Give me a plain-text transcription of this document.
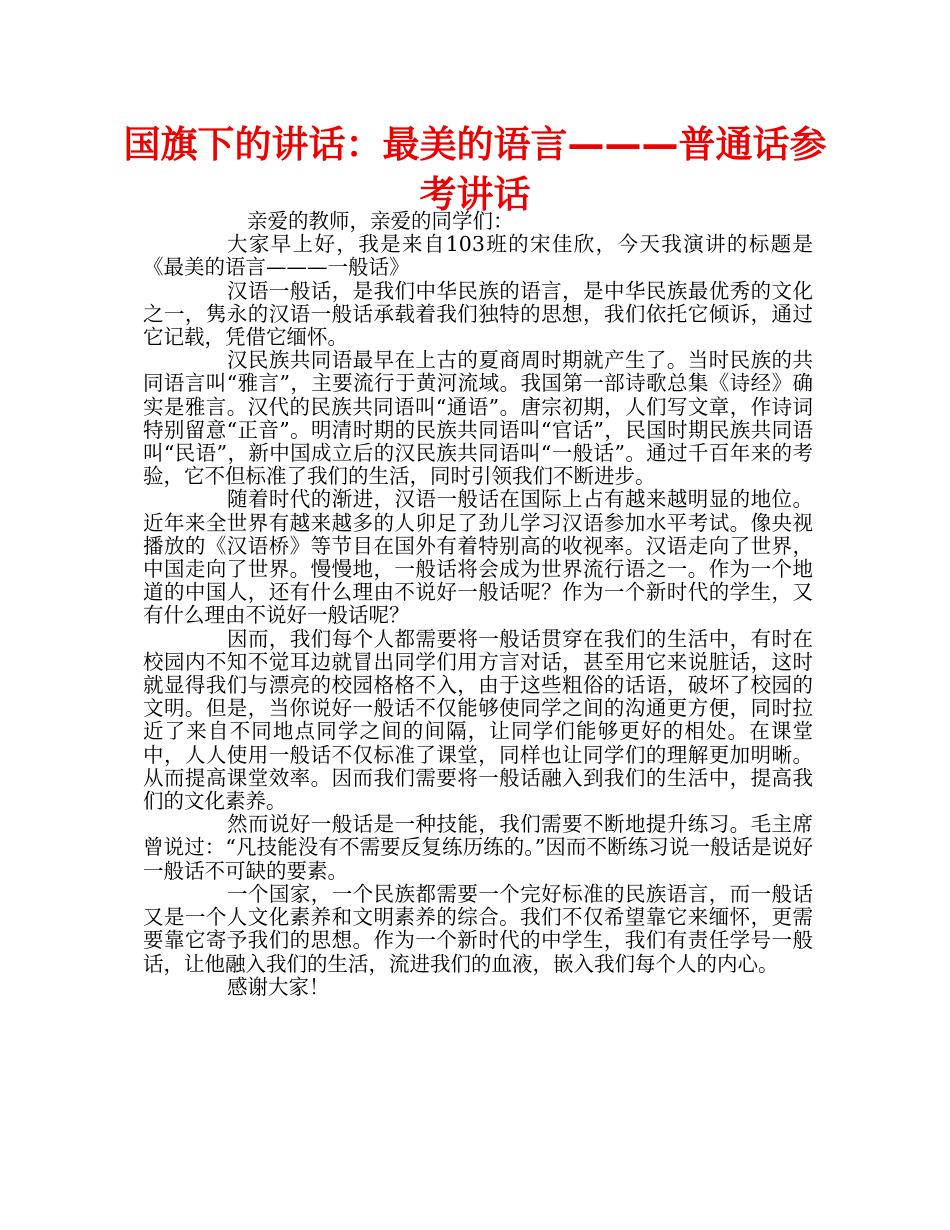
国旗下的讲话：最美的语言———普通话参考讲话

亲爱的教师，亲爱的同学们：

大家早上好，我是来自103班的宋佳欣，今天我演讲的标题是《最美的语言———一般话》

汉语一般话，是我们中华民族的语言，是中华民族最优秀的文化之一，隽永的汉语一般话承载着我们独特的思想，我们依托它倾诉，通过它记载，凭借它缅怀。

汉民族共同语最早在上古的夏商周时期就产生了。当时民族的共同语言叫“雅言”，主要流行于黄河流域。我国第一部诗歌总集《诗经》确实是雅言。汉代的民族共同语叫“通语”。唐宗初期，人们写文章，作诗词特别留意“正音”。明清时期的民族共同语叫“官话”，民国时期民族共同语叫“民语”，新中国成立后的汉民族共同语叫“一般话”。通过千百年来的考验，它不但标准了我们的生活，同时引领我们不断进步。

随着时代的渐进，汉语一般话在国际上占有越来越明显的地位。近年来全世界有越来越多的人卯足了劲儿学习汉语参加水平考试。像央视播放的《汉语桥》等节目在国外有着特别高的收视率。汉语走向了世界，中国走向了世界。慢慢地，一般话将会成为世界流行语之一。作为一个地道的中国人，还有什么理由不说好一般话呢？作为一个新时代的学生，又有什么理由不说好一般话呢？

因而，我们每个人都需要将一般话贯穿在我们的生活中，有时在校园内不知不觉耳边就冒出同学们用方言对话，甚至用它来说脏话，这时就显得我们与漂亮的校园格格不入，由于这些粗俗的话语，破坏了校园的文明。但是，当你说好一般话不仅能够使同学之间的沟通更方便，同时拉近了来自不同地点同学之间的间隔，让同学们能够更好的相处。在课堂中，人人使用一般话不仅标准了课堂，同样也让同学们的理解更加明晰。从而提高课堂效率。因而我们需要将一般话融入到我们的生活中，提高我们的文化素养。

然而说好一般话是一种技能，我们需要不断地提升练习。毛主席曾说过：“凡技能没有不需要反复练历练的。”因而不断练习说一般话是说好一般话不可缺的要素。

一个国家，一个民族都需要一个完好标准的民族语言，而一般话又是一个人文化素养和文明素养的综合。我们不仅希望靠它来缅怀，更需要靠它寄予我们的思想。作为一个新时代的中学生，我们有责任学号一般话，让他融入我们的生活，流进我们的血液，嵌入我们每个人的内心。

感谢大家！
